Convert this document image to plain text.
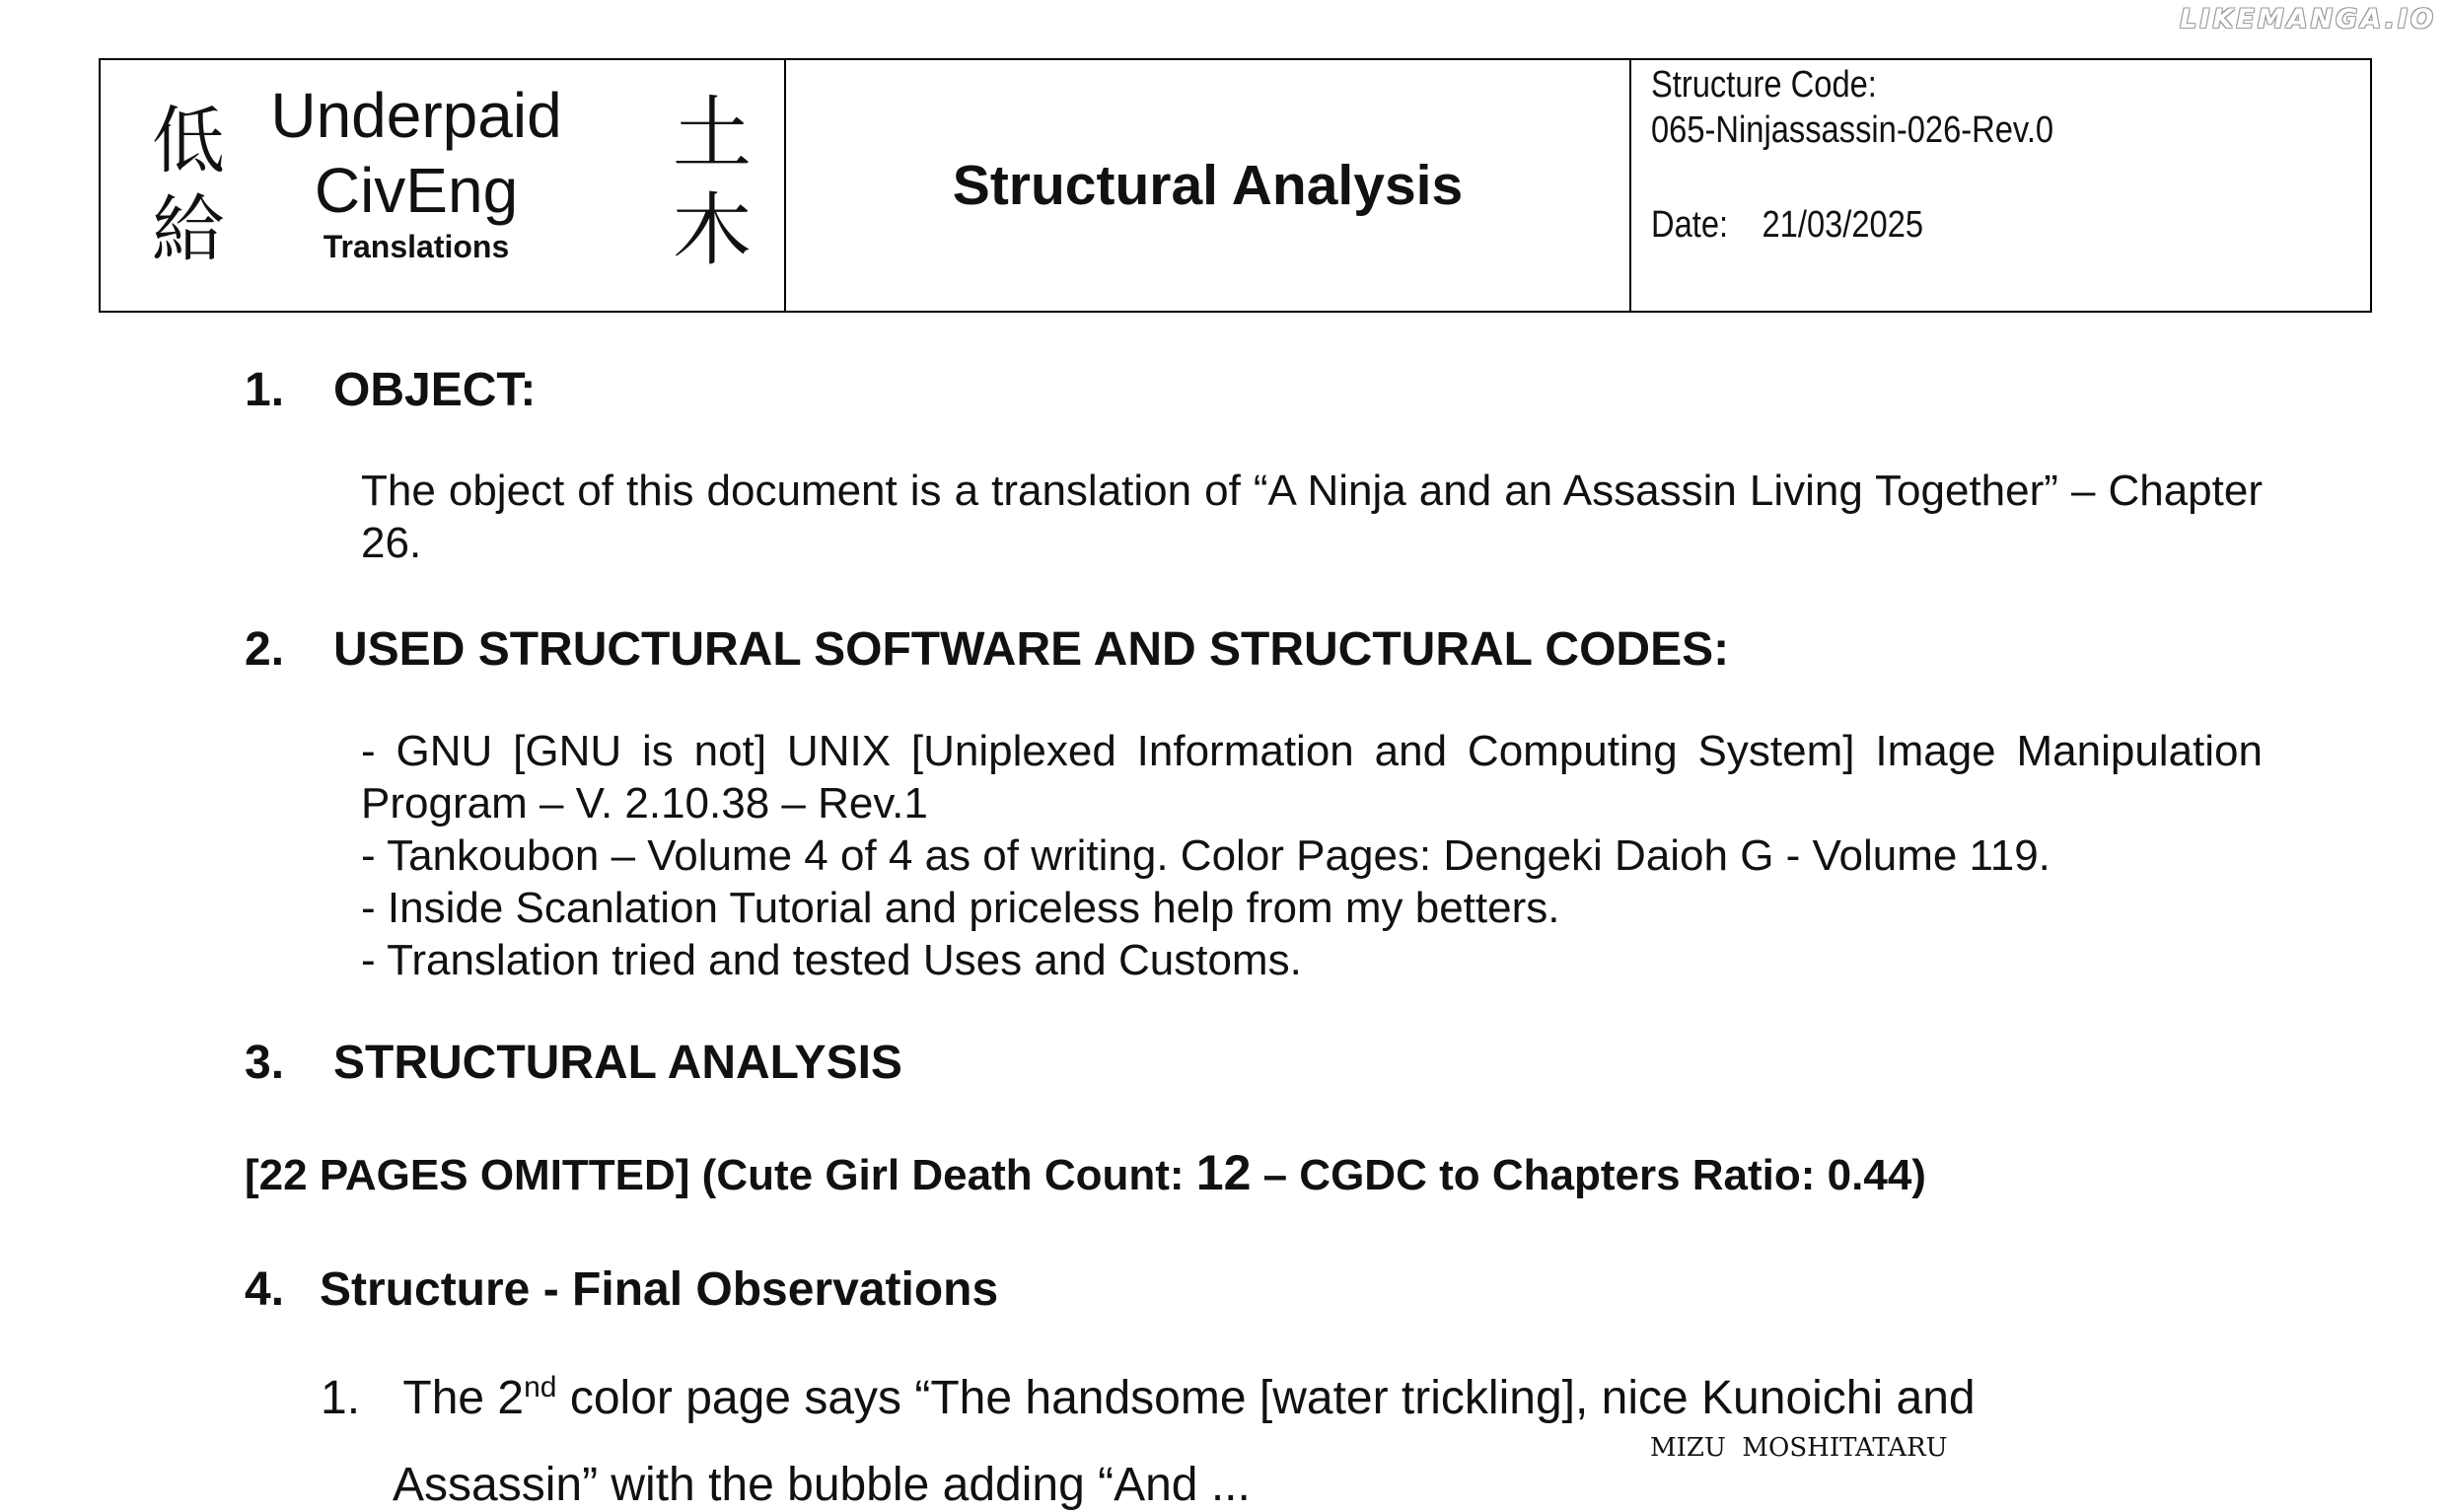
LIKEMANGA.IO
低
給
土
木
Underpaid
CivEng
Translations
Structural Analysis
Structure Code:
065-Ninjassassin-026-Rev.0
Date: 21/03/2025
1. OBJECT:
The object of this document is a translation of “A Ninja and an Assassin Living Together” – Chapter 26.
2. USED STRUCTURAL SOFTWARE AND STRUCTURAL CODES:
- GNU [GNU is not] UNIX [Uniplexed Information and Computing System] Image Manipulation Program – V. 2.10.38 – Rev.1
- Tankoubon – Volume 4 of 4 as of writing. Color Pages: Dengeki Daioh G - Volume 119.
- Inside Scanlation Tutorial and priceless help from my betters.
- Translation tried and tested Uses and Customs.
3. STRUCTURAL ANALYSIS
[22 PAGES OMITTED] (Cute Girl Death Count: 12 – CGDC to Chapters Ratio: 0.44)
4. Structure - Final Observations
1. The 2nd color page says “The handsome [water trickling], nice Kunoichi and
MIZU  MOSHITATARU
Assassin” with the bubble adding “And ...
